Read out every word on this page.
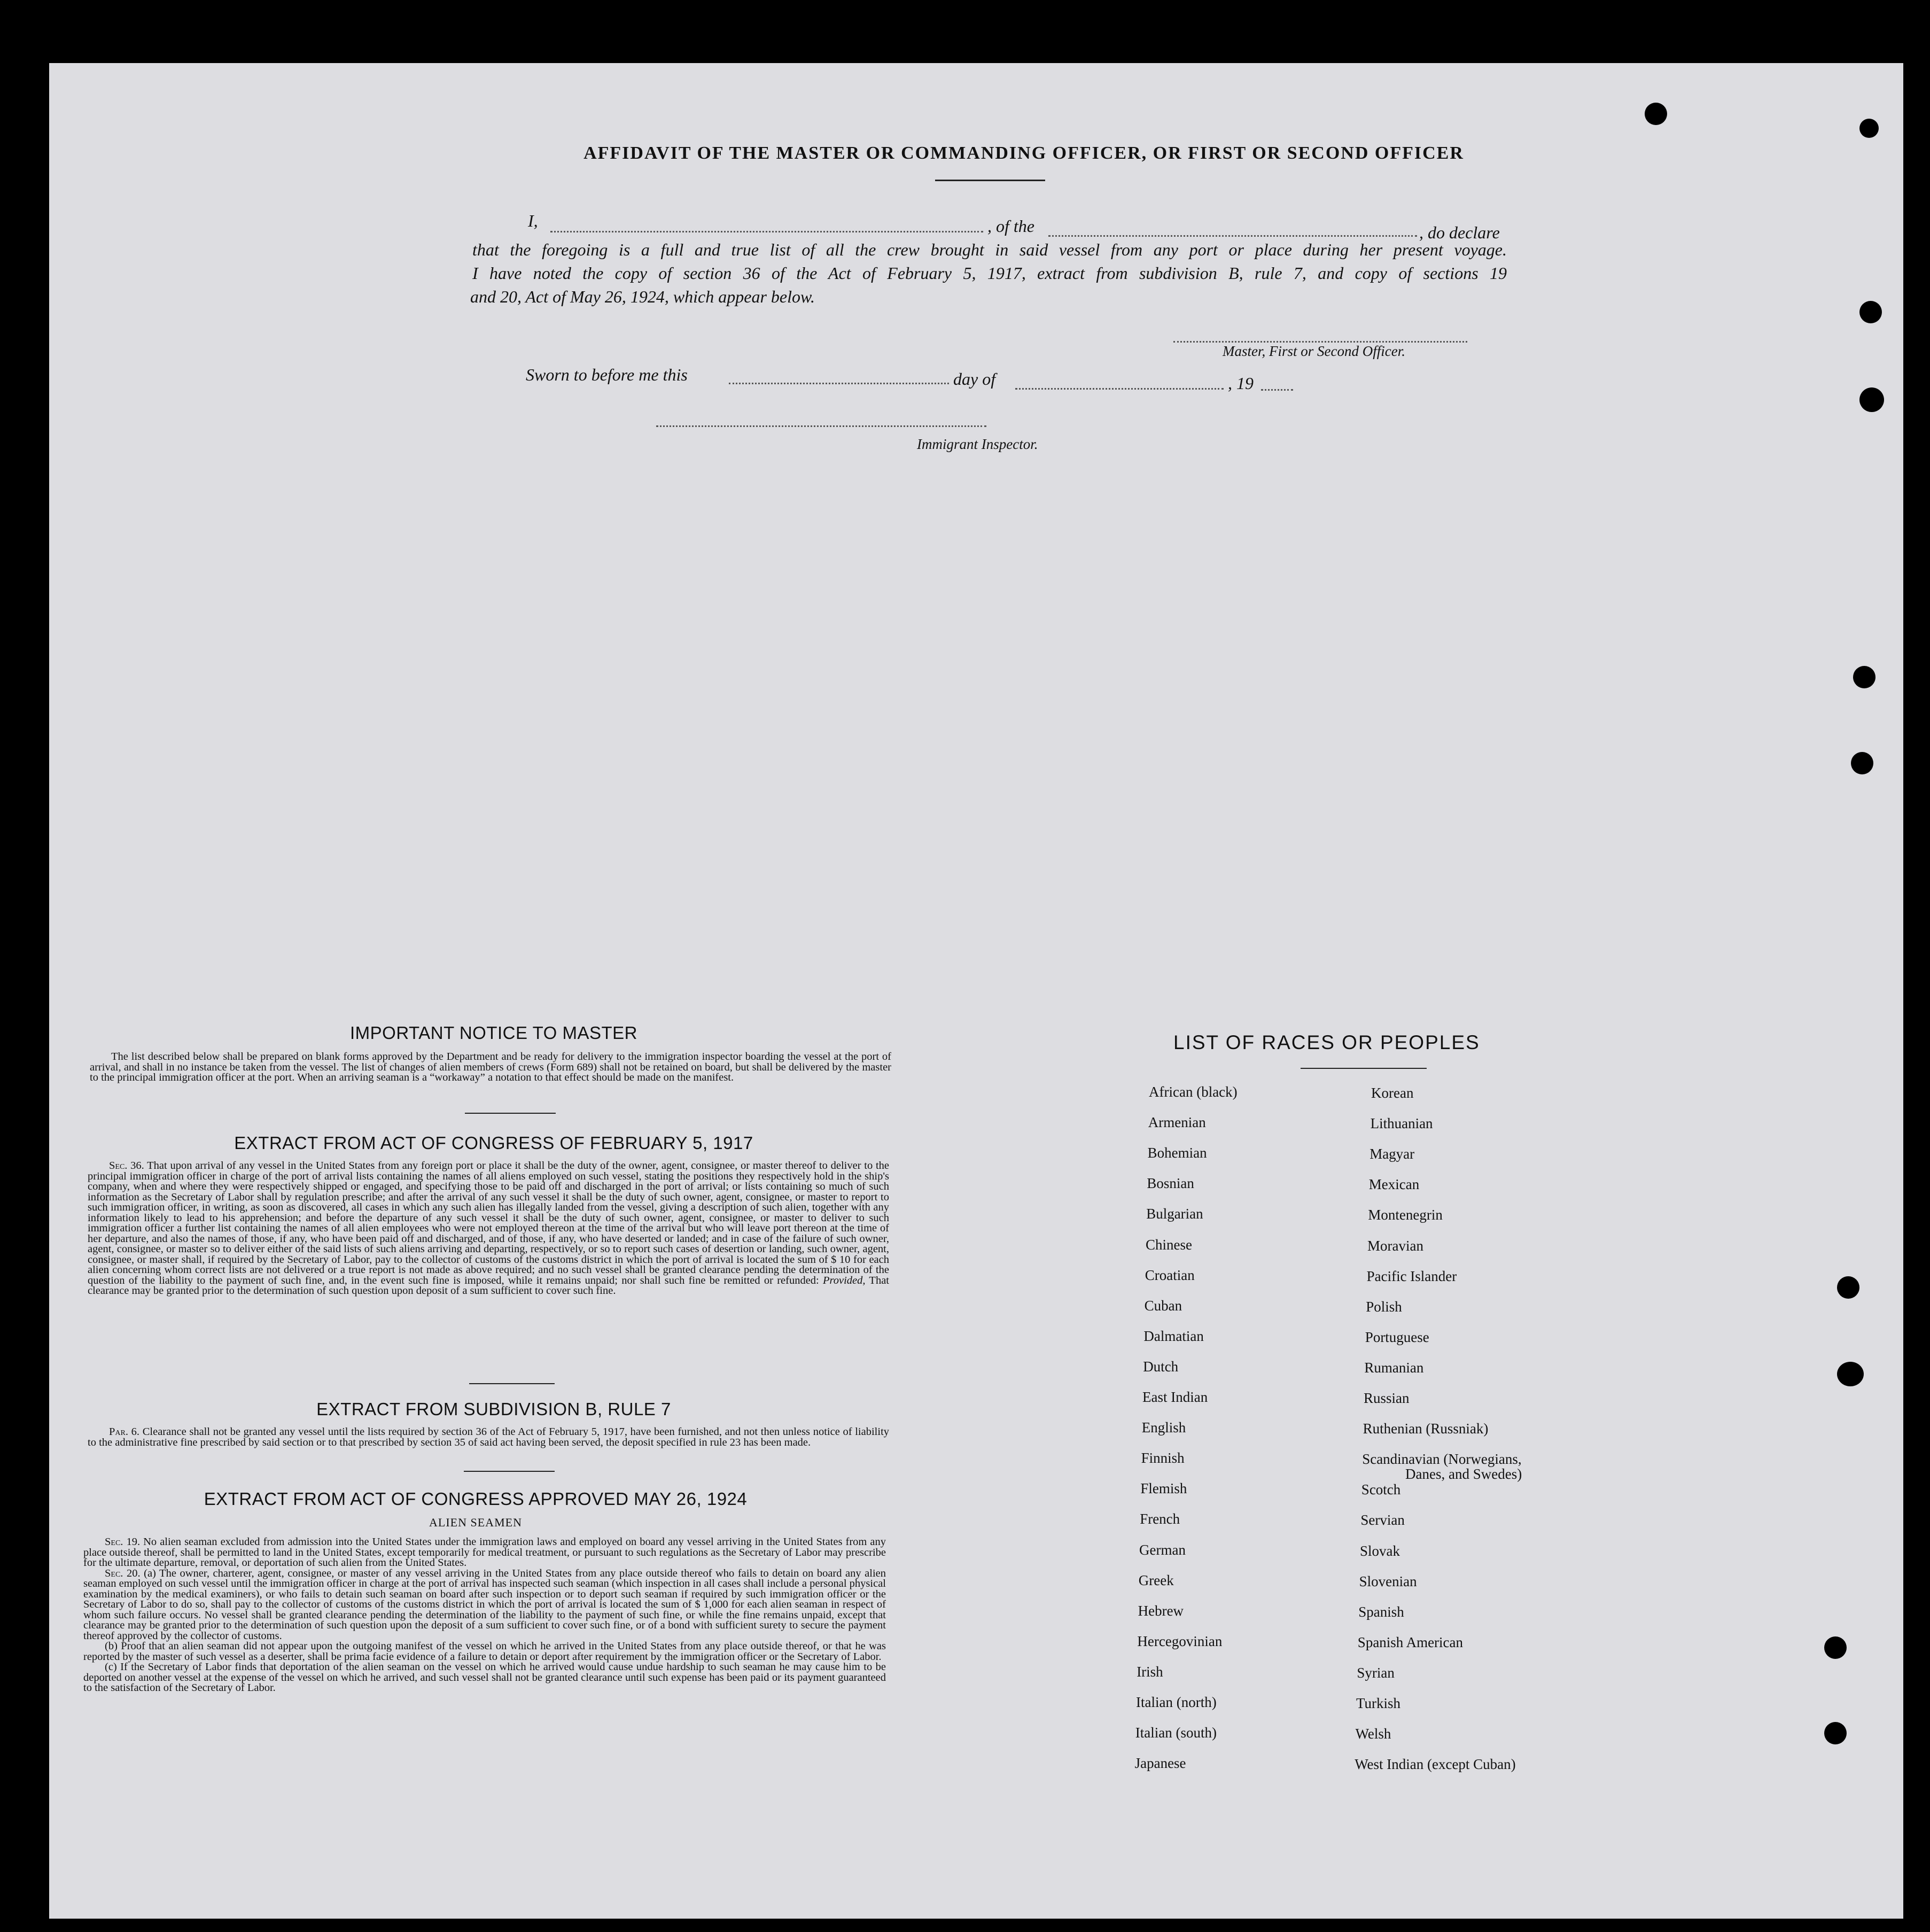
AFFIDAVIT OF THE MASTER OR COMMANDING OFFICER, OR FIRST OR SECOND OFFICER
I,	, of the	, do declare
that the foregoing is a full and true list of all the crew brought in said vessel from any port or place during her present voyage.
I have noted the copy of section 36 of the Act of February 5, 1917, extract from subdivision B, rule 7, and copy of sections 19
and 20, Act of May 26, 1924, which appear below.
Master, First or Second Officer.
Sworn to before me this	day of	, 19
Immigrant Inspector.
IMPORTANT NOTICE TO MASTER
The list described below shall be prepared on blank forms approved by the Department and be ready for delivery to the immigration inspector boarding the vessel at the port of arrival, and shall in no instance be taken from the vessel. The list of changes of alien members of crews (Form 689) shall not be retained on board, but shall be delivered by the master to the principal immigration officer at the port. When an arriving seaman is a “workaway” a notation to that effect should be made on the manifest.
EXTRACT FROM ACT OF CONGRESS OF FEBRUARY 5, 1917
Sec. 36. That upon arrival of any vessel in the United States from any foreign port or place it shall be the duty of the owner, agent, consignee, or master thereof to deliver to the principal immigration officer in charge of the port of arrival lists containing the names of all aliens employed on such vessel, stating the positions they respectively hold in the ship's company, when and where they were respectively shipped or engaged, and specifying those to be paid off and discharged in the port of arrival; or lists containing so much of such information as the Secretary of Labor shall by regulation prescribe; and after the arrival of any such vessel it shall be the duty of such owner, agent, consignee, or master to report to such immigration officer, in writing, as soon as discovered, all cases in which any such alien has illegally landed from the vessel, giving a description of such alien, together with any information likely to lead to his apprehension; and before the departure of any such vessel it shall be the duty of such owner, agent, consignee, or master to deliver to such immigration officer a further list containing the names of all alien employees who were not employed thereon at the time of the arrival but who will leave port thereon at the time of her departure, and also the names of those, if any, who have been paid off and discharged, and of those, if any, who have deserted or landed; and in case of the failure of such owner, agent, consignee, or master so to deliver either of the said lists of such aliens arriving and departing, respectively, or so to report such cases of desertion or landing, such owner, agent, consignee, or master shall, if required by the Secretary of Labor, pay to the collector of customs of the customs district in which the port of arrival is located the sum of $ 10 for each alien concerning whom correct lists are not delivered or a true report is not made as above required; and no such vessel shall be granted clearance pending the determination of the question of the liability to the payment of such fine, and, in the event such fine is imposed, while it remains unpaid; nor shall such fine be remitted or refunded: Provided, That clearance may be granted prior to the determination of such question upon deposit of a sum sufficient to cover such fine.
EXTRACT FROM SUBDIVISION B, RULE 7
Par. 6. Clearance shall not be granted any vessel until the lists required by section 36 of the Act of February 5, 1917, have been furnished, and not then unless notice of liability to the administrative fine prescribed by said section or to that prescribed by section 35 of said act having been served, the deposit specified in rule 23 has been made.
EXTRACT FROM ACT OF CONGRESS APPROVED MAY 26, 1924
ALIEN SEAMEN

Sec. 19. No alien seaman excluded from admission into the United States under the immigration laws and employed on board any vessel arriving in the United States from any place outside thereof, shall be permitted to land in the United States, except temporarily for medical treatment, or pursuant to such regulations as the Secretary of Labor may prescribe for the ultimate departure, removal, or deportation of such alien from the United States.

Sec. 20. (a) The owner, charterer, agent, consignee, or master of any vessel arriving in the United States from any place outside thereof who fails to detain on board any alien seaman employed on such vessel until the immigration officer in charge at the port of arrival has inspected such seaman (which inspection in all cases shall include a personal physical examination by the medical examiners), or who fails to detain such seaman on board after such inspection or to deport such seaman if required by such immigration officer or the Secretary of Labor to do so, shall pay to the collector of customs of the customs district in which the port of arrival is located the sum of $ 1,000 for each alien seaman in respect of whom such failure occurs. No vessel shall be granted clearance pending the determination of the liability to the payment of such fine, or while the fine remains unpaid, except that clearance may be granted prior to the determination of such question upon the deposit of a sum sufficient to cover such fine, or of a bond with sufficient surety to secure the payment thereof approved by the collector of customs.

(b) Proof that an alien seaman did not appear upon the outgoing manifest of the vessel on which he arrived in the United States from any place outside thereof, or that he was reported by the master of such vessel as a deserter, shall be prima facie evidence of a failure to detain or deport after requirement by the immigration officer or the Secretary of Labor.

(c) If the Secretary of Labor finds that deportation of the alien seaman on the vessel on which he arrived would cause undue hardship to such seaman he may cause him to be deported on another vessel at the expense of the vessel on which he arrived, and such vessel shall not be granted clearance until such expense has been paid or its payment guaranteed to the satisfaction of the Secretary of Labor.

LIST OF RACES OR PEOPLES
African (black)
Armenian
Bohemian
Bosnian
Bulgarian
Chinese
Croatian
Cuban
Dalmatian
Dutch
East Indian
English
Finnish
Flemish
French
German
Greek
Hebrew
Hercegovinian
Irish
Italian (north)
Italian (south)
Japanese
Korean
Lithuanian
Magyar
Mexican
Montenegrin
Moravian
Pacific Islander
Polish
Portuguese
Rumanian
Russian
Ruthenian (Russniak)
Scandinavian (Norwegians,
Danes, and Swedes)
Scotch
Servian
Slovak
Slovenian
Spanish
Spanish American
Syrian
Turkish
Welsh
West Indian (except Cuban)
